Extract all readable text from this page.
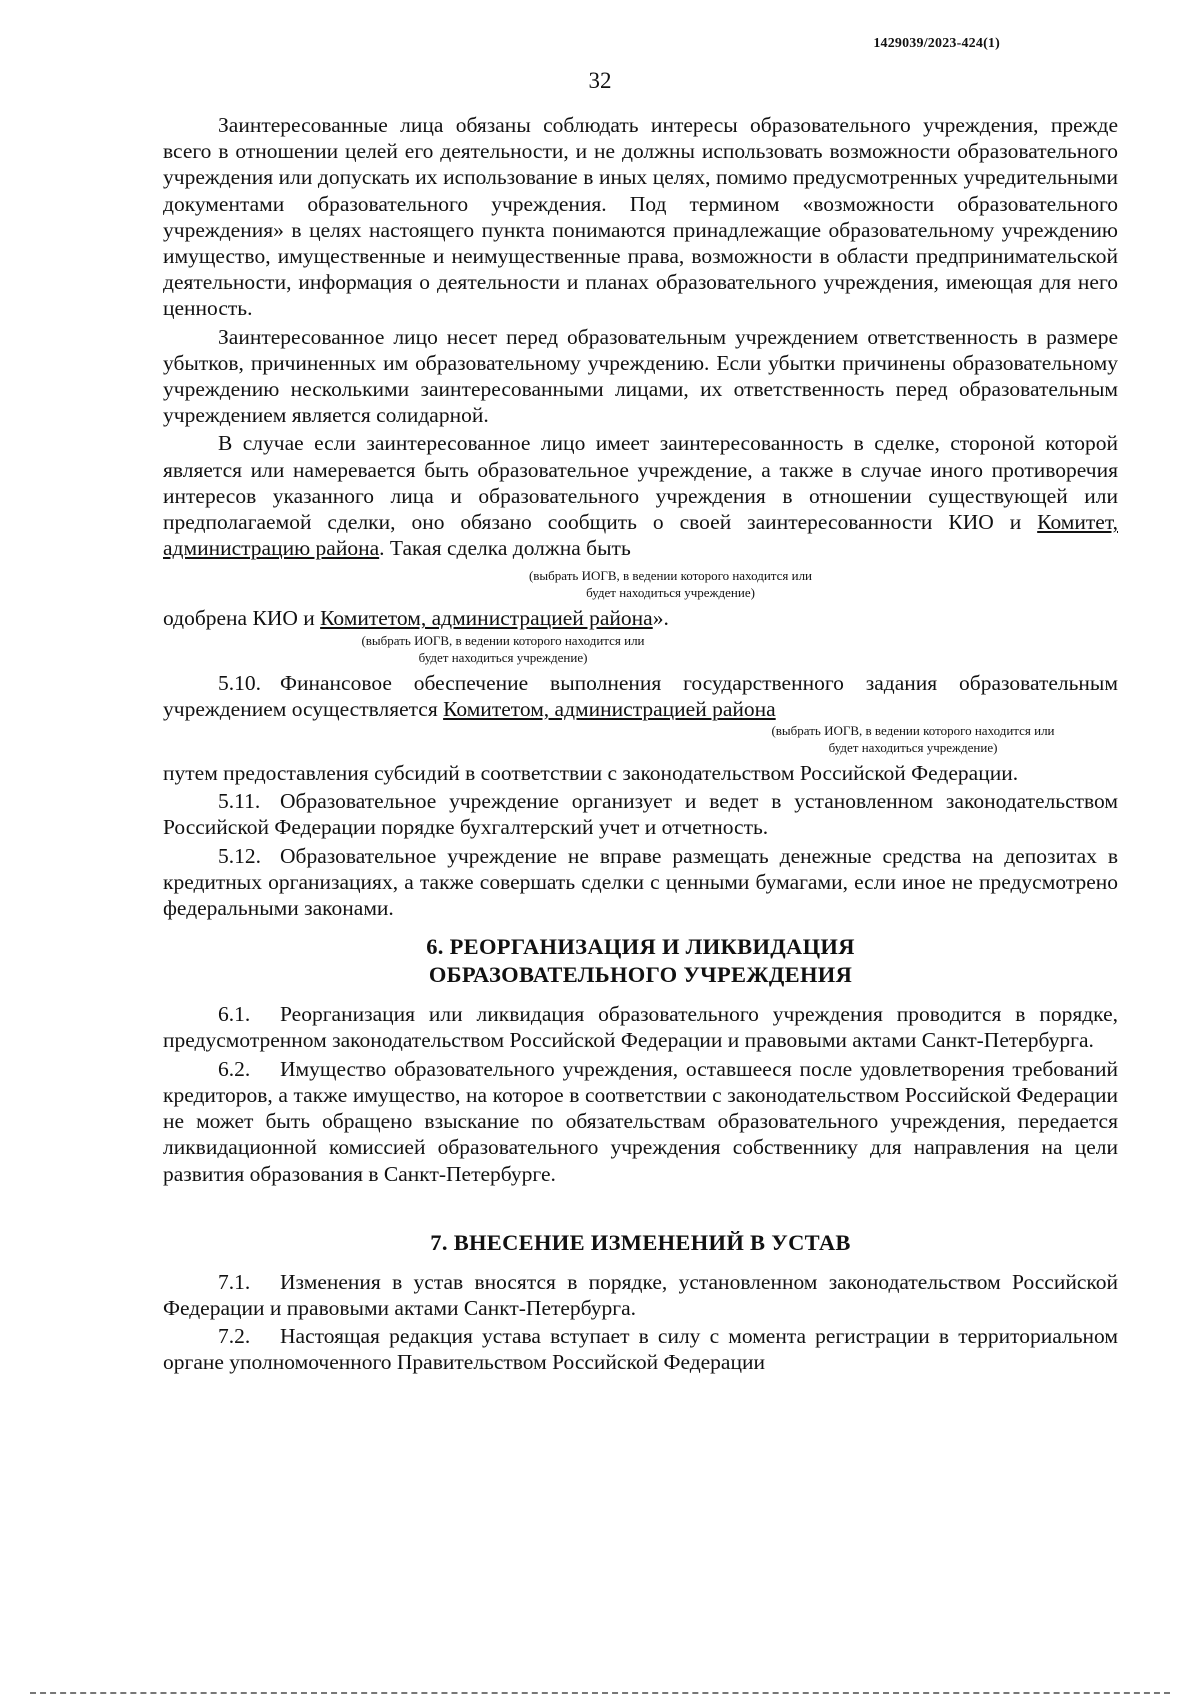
1429039/2023-424(1)
32

Заинтересованные лица обязаны соблюдать интересы образовательного учреждения, прежде всего в отношении целей его деятельности, и не должны использовать возможности образовательного учреждения или допускать их использование в иных целях, помимо предусмотренных учредительными документами образовательного учреждения. Под термином «возможности образовательного учреждения» в целях настоящего пункта понимаются принадлежащие образовательному учреждению имущество, имущественные и неимущественные права, возможности в области предпринимательской деятельности, информация о деятельности и планах образовательного учреждения, имеющая для него ценность.

Заинтересованное лицо несет перед образовательным учреждением ответственность в размере убытков, причиненных им образовательному учреждению. Если убытки причинены образовательному учреждению несколькими заинтересованными лицами, их ответственность перед образовательным учреждением является солидарной.

В случае если заинтересованное лицо имеет заинтересованность в сделке, стороной которой является или намеревается быть образовательное учреждение, а также в случае иного противоречия интересов указанного лица и образовательного учреждения в отношении существующей или предполагаемой сделки, оно обязано сообщить о своей заинтересованности КИО и Комитет, администрацию района. Такая сделка должна быть

(выбрать ИОГВ, в ведении которого находится или будет находиться учреждение)

одобрена КИО и Комитетом, администрацией района».

(выбрать ИОГВ, в ведении которого находится или будет находиться учреждение)

5.10. Финансовое обеспечение выполнения государственного задания образовательным учреждением осуществляется Комитетом, администрацией района

(выбрать ИОГВ, в ведении которого находится или будет находиться учреждение)

путем предоставления субсидий в соответствии с законодательством Российской Федерации.

5.11. Образовательное учреждение организует и ведет в установленном законодательством Российской Федерации порядке бухгалтерский учет и отчетность.

5.12. Образовательное учреждение не вправе размещать денежные средства на депозитах в кредитных организациях, а также совершать сделки с ценными бумагами, если иное не предусмотрено федеральными законами.

6. РЕОРГАНИЗАЦИЯ И ЛИКВИДАЦИЯ
ОБРАЗОВАТЕЛЬНОГО УЧРЕЖДЕНИЯ

6.1. Реорганизация или ликвидация образовательного учреждения проводится в порядке, предусмотренном законодательством Российской Федерации и правовыми актами Санкт-Петербурга.

6.2. Имущество образовательного учреждения, оставшееся после удовлетворения требований кредиторов, а также имущество, на которое в соответствии с законодательством Российской Федерации не может быть обращено взыскание по обязательствам образовательного учреждения, передается ликвидационной комиссией образовательного учреждения собственнику для направления на цели развития образования в Санкт-Петербурге.

7. ВНЕСЕНИЕ ИЗМЕНЕНИЙ В УСТАВ

7.1. Изменения в устав вносятся в порядке, установленном законодательством Российской Федерации и правовыми актами Санкт-Петербурга.

7.2. Настоящая редакция устава вступает в силу с момента регистрации в территориальном органе уполномоченного Правительством Российской Федерации
